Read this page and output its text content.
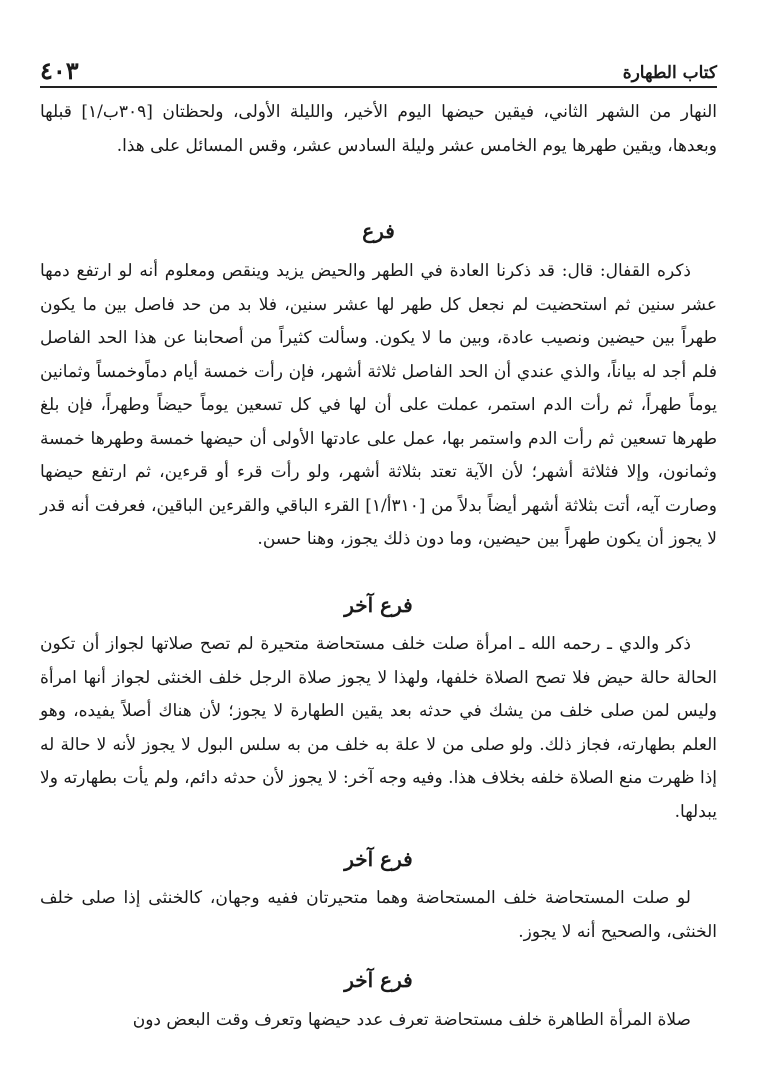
كتاب الطهارة
٤٠٣

النهار من الشهر الثاني، فيقين حيضها اليوم الأخير، والليلة الأولى، ولحظتان [٣٠٩ب/١] قبلها وبعدها، ويقين طهرها يوم الخامس عشر وليلة السادس عشر، وقس المسائل على هذا.

فرع

ذكره القفال: قال: قد ذكرنا العادة في الطهر والحيض يزيد وينقص ومعلوم أنه لو ارتفع دمها عشر سنين ثم استحضيت لم نجعل كل طهر لها عشر سنين، فلا بد من حد فاصل بين ما يكون طهراً بين حيضين ونصيب عادة، وبين ما لا يكون. وسألت كثيراً من أصحابنا عن هذا الحد الفاصل فلم أجد له بياناً، والذي عندي أن الحد الفاصل ثلاثة أشهر، فإن رأت خمسة أيام دماًوخمساً وثمانين يوماً طهراً، ثم رأت الدم استمر، عملت على أن لها في كل تسعين يوماً حيضاً وطهراً، فإن بلغ طهرها تسعين ثم رأت الدم واستمر بها، عمل على عادتها الأولى أن حيضها خمسة وطهرها خمسة وثمانون، وإلا فثلاثة أشهر؛ لأن الآية تعتد بثلاثة أشهر، ولو رأت قرء أو قرءين، ثم ارتفع حيضها وصارت آيه، أتت بثلاثة أشهر أيضاً بدلاً من [٣١٠أ/١] القرء الباقي والقرءين الباقين، فعرفت أنه قدر لا يجوز أن يكون طهراً بين حيضين، وما دون ذلك يجوز، وهنا حسن.

فرع آخر

ذكر والدي ـ رحمه الله ـ امرأة صلت خلف مستحاضة متحيرة لم تصح صلاتها لجواز أن تكون الحالة حالة حيض فلا تصح الصلاة خلفها، ولهذا لا يجوز صلاة الرجل خلف الخنثى لجواز أنها امرأة وليس لمن صلى خلف من يشك في حدثه بعد يقين الطهارة لا يجوز؛ لأن هناك أصلاً يفيده، وهو العلم بطهارته، فجاز ذلك. ولو صلى من لا علة به خلف من به سلس البول لا يجوز لأنه لا حالة له إذا ظهرت منع الصلاة خلفه بخلاف هذا. وفيه وجه آخر: لا يجوز لأن حدثه دائم، ولم يأت بطهارته ولا يبدلها.

فرع آخر

لو صلت المستحاضة خلف المستحاضة وهما متحيرتان ففيه وجهان، كالخنثى إذا صلى خلف الخنثى، والصحيح أنه لا يجوز.

فرع آخر

صلاة المرأة الطاهرة خلف مستحاضة تعرف عدد حيضها وتعرف وقت البعض دون
